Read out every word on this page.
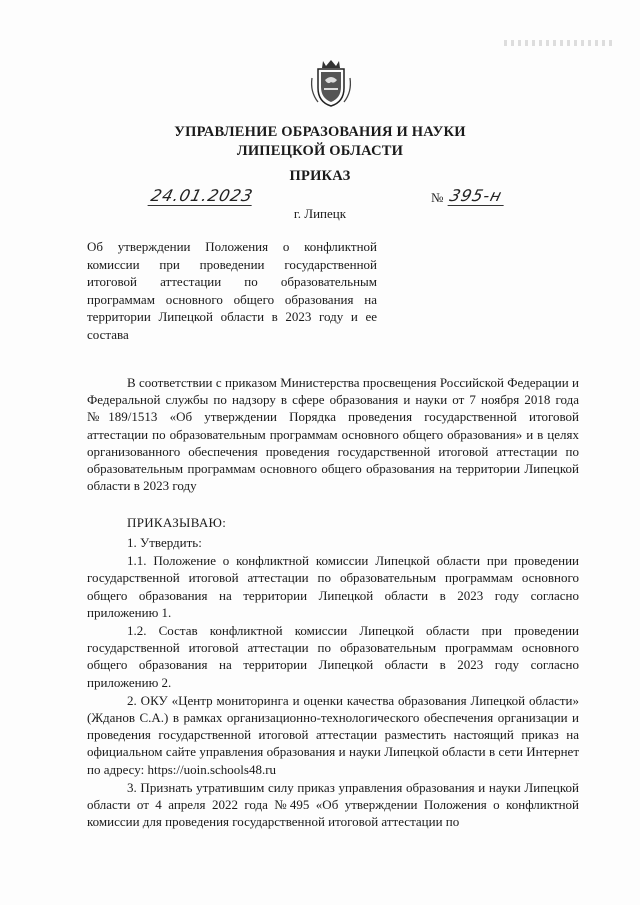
УПРАВЛЕНИЕ ОБРАЗОВАНИЯ И НАУКИ
ЛИПЕЦКОЙ ОБЛАСТИ
ПРИКАЗ
24.01.2023	№ 395-н
г. Липецк
Об утверждении Положения о конфликтной комиссии при проведении государственной итоговой аттестации по образовательным программам основного общего образования на территории Липецкой области в 2023 году и ее состава
В соответствии с приказом Министерства просвещения Российской Федерации и Федеральной службы по надзору в сфере образования и науки от 7 ноября 2018 года №189/1513 «Об утверждении Порядка проведения государственной итоговой аттестации по образовательным программам основного общего образования» и в целях организованного обеспечения проведения государственной итоговой аттестации по образовательным программам основного общего образования на территории Липецкой области в 2023 году
ПРИКАЗЫВАЮ:

1. Утвердить:

1.1. Положение о конфликтной комиссии Липецкой области при проведении государственной итоговой аттестации по образовательным программам основного общего образования на территории Липецкой области в 2023 году согласно приложению 1.

1.2. Состав конфликтной комиссии Липецкой области при проведении государственной итоговой аттестации по образовательным программам основного общего образования на территории Липецкой области в 2023 году согласно приложению 2.

2. ОКУ «Центр мониторинга и оценки качества образования Липецкой области» (Жданов С.А.) в рамках организационно-технологического обеспечения организации и проведения государственной итоговой аттестации разместить настоящий приказ на официальном сайте управления образования и науки Липецкой области в сети Интернет по адресу: https://uoin.schools48.ru

3. Признать утратившим силу приказ управления образования и науки Липецкой области от 4 апреля 2022 года №495 «Об утверждении Положения о конфликтной комиссии для проведения государственной итоговой аттестации по
